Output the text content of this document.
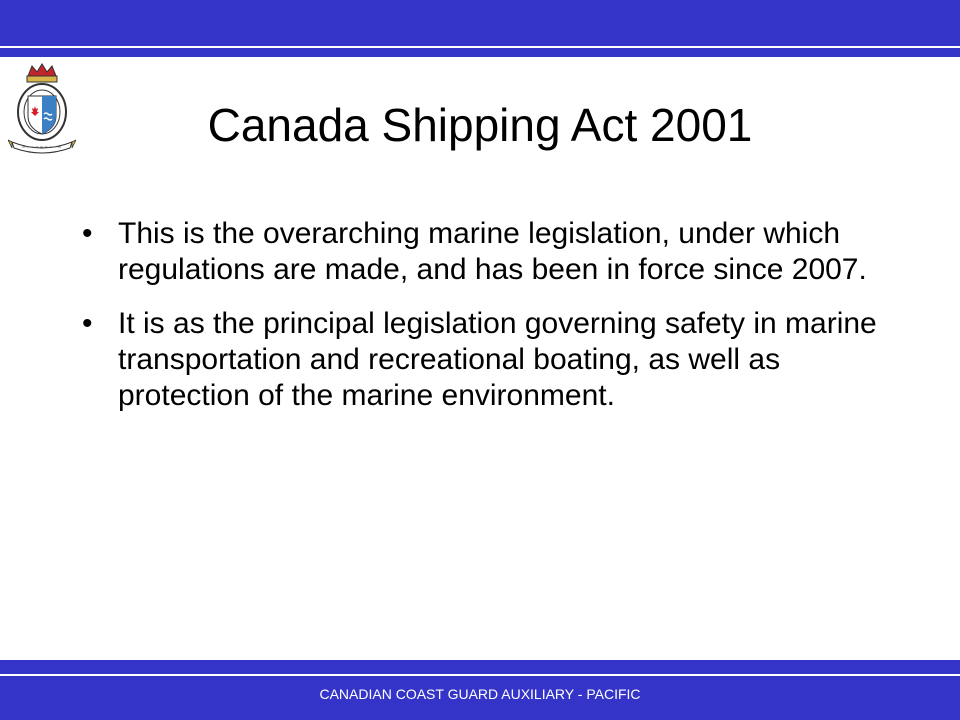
Canada Shipping Act 2001
• This is the overarching marine legislation, under which regulations are made, and has been in force since 2007.
• It is as the principal legislation governing safety in marine transportation and recreational boating, as well as protection of the marine environment.
CANADIAN COAST GUARD AUXILIARY - PACIFIC
